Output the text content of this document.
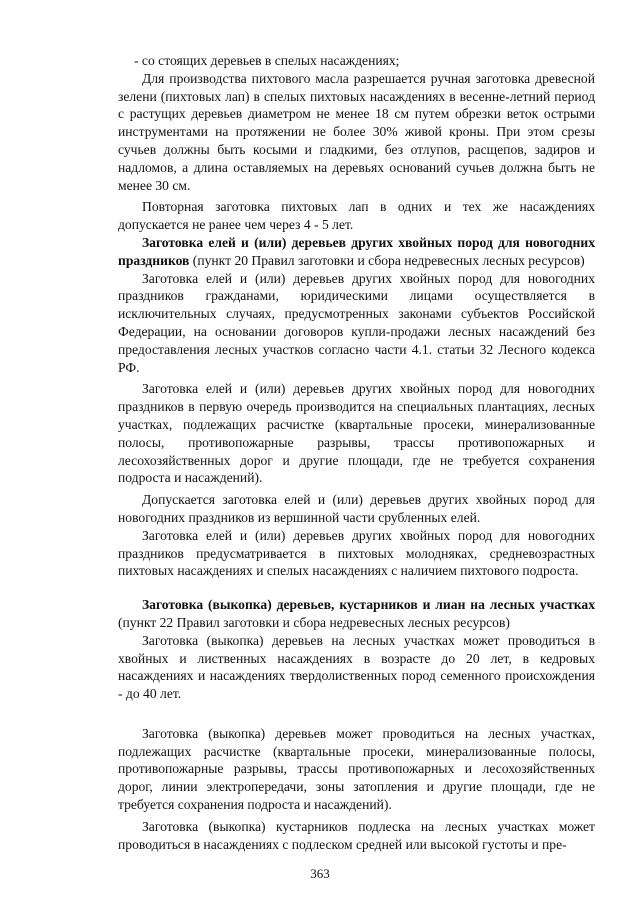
- со стоящих деревьев в спелых насаждениях;

Для производства пихтового масла разрешается ручная заготовка древесной зелени (пихтовых лап) в спелых пихтовых насаждениях в весенне-летний период с растущих деревьев диаметром не менее 18 см путем обрезки веток острыми инструментами на протяжении не более 30% живой кроны. При этом срезы сучьев должны быть косыми и гладкими, без отлупов, расщепов, задиров и надломов, а длина оставляемых на деревьях оснований сучьев должна быть не менее 30 см.

Повторная заготовка пихтовых лап в одних и тех же насаждениях допускается не ранее чем через 4 - 5 лет.

Заготовка елей и (или) деревьев других хвойных пород для новогодних праздников (пункт 20 Правил заготовки и сбора недревесных лесных ресурсов)

Заготовка елей и (или) деревьев других хвойных пород для новогодних праздников гражданами, юридическими лицами осуществляется в исключительных случаях, предусмотренных законами субъектов Российской Федерации, на основании договоров купли-продажи лесных насаждений без предоставления лесных участков согласно части 4.1. статьи 32 Лесного кодекса РФ.

Заготовка елей и (или) деревьев других хвойных пород для новогодних праздников в первую очередь производится на специальных плантациях, лесных участках, подлежащих расчистке (квартальные просеки, минерализованные полосы, противопожарные разрывы, трассы противопожарных и лесохозяйственных дорог и другие площади, где не требуется сохранения подроста и насаждений).

Допускается заготовка елей и (или) деревьев других хвойных пород для новогодних праздников из вершинной части срубленных елей.

Заготовка елей и (или) деревьев других хвойных пород для новогодних праздников предусматривается в пихтовых молодняках, средневозрастных пихтовых насаждениях и спелых насаждениях с наличием пихтового подроста.

Заготовка (выкопка) деревьев, кустарников и лиан на лесных участках (пункт 22 Правил заготовки и сбора недревесных лесных ресурсов)

Заготовка (выкопка) деревьев на лесных участках может проводиться в хвойных и лиственных насаждениях в возрасте до 20 лет, в кедровых насаждениях и насаждениях твердолиственных пород семенного происхождения - до 40 лет.

Заготовка (выкопка) деревьев может проводиться на лесных участках, подлежащих расчистке (квартальные просеки, минерализованные полосы, противопожарные разрывы, трассы противопожарных и лесохозяйственных дорог, линии электропередачи, зоны затопления и другие площади, где не требуется сохранения подроста и насаждений).

Заготовка (выкопка) кустарников подлеска на лесных участках может проводиться в насаждениях с подлеском средней или высокой густоты и пре-

363
